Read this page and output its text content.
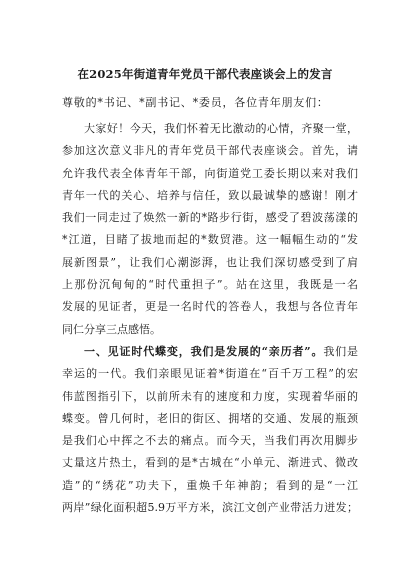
在2025年街道青年党员干部代表座谈会上的发言
尊敬的*书记、*副书记、*委员，各位青年朋友们：
大家好！今天，我们怀着无比激动的心情，齐聚一堂，
参加这次意义非凡的青年党员干部代表座谈会。首先，请
允许我代表全体青年干部，向街道党工委长期以来对我们
青年一代的关心、培养与信任，致以最诚挚的感谢！刚才
我们一同走过了焕然一新的*路步行街，感受了碧波荡漾的
*江道，目睹了拔地而起的*数贸港。这一幅幅生动的“发
展新图景”，让我们心潮澎湃，也让我们深切感受到了肩
上那份沉甸甸的“时代重担子”。站在这里，我既是一名
发展的见证者，更是一名时代的答卷人，我想与各位青年
同仁分享三点感悟。
一、见证时代蝶变，我们是发展的“亲历者”。我们是
幸运的一代。我们亲眼见证着*街道在“百千万工程”的宏
伟蓝图指引下，以前所未有的速度和力度，实现着华丽的
蝶变。曾几何时，老旧的街区、拥堵的交通、发展的瓶颈
是我们心中挥之不去的痛点。而今天，当我们再次用脚步
丈量这片热土，看到的是*古城在“小单元、渐进式、微改
造”的“绣花”功夫下，重焕千年神韵；看到的是“一江
两岸”绿化面积超5.9万平方米，滨江文创产业带活力迸发；
